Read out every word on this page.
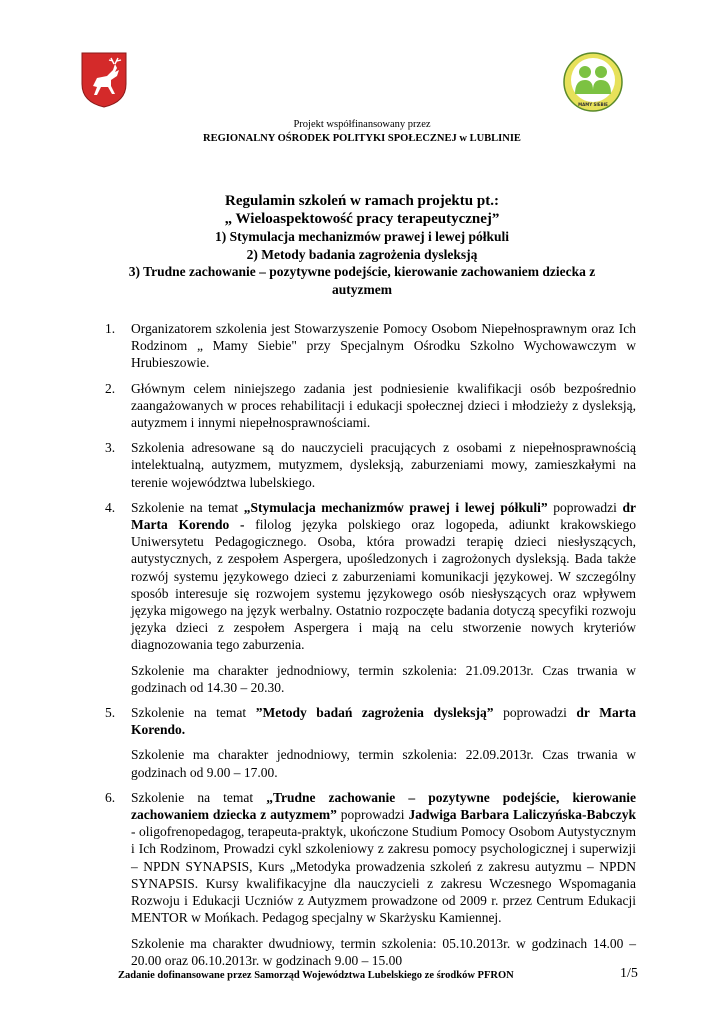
MAMY SIEBIE
Projekt współfinansowany przez
REGIONALNY OŚRODEK POLITYKI SPOŁECZNEJ w LUBLINIE
Regulamin szkoleń w ramach projektu pt.:
„ Wieloaspektowość pracy terapeutycznej”
1) Stymulacja mechanizmów prawej i lewej półkuli
2) Metody badania zagrożenia dysleksją
3) Trudne zachowanie – pozytywne podejście, kierowanie zachowaniem dziecka z autyzmem
1. Organizatorem szkolenia jest Stowarzyszenie Pomocy Osobom Niepełnosprawnym oraz Ich Rodzinom „ Mamy Siebie" przy Specjalnym Ośrodku Szkolno Wychowawczym w Hrubieszowie.

2. Głównym celem niniejszego zadania jest podniesienie kwalifikacji osób bezpośrednio zaangażowanych w proces rehabilitacji i edukacji społecznej dzieci i młodzieży z dysleksją, autyzmem i innymi niepełnosprawnościami.

3. Szkolenia adresowane są do nauczycieli pracujących z osobami z niepełnosprawnością intelektualną, autyzmem, mutyzmem, dysleksją, zaburzeniami mowy, zamieszkałymi na terenie województwa lubelskiego.

4. Szkolenie na temat „Stymulacja mechanizmów prawej i lewej półkuli” poprowadzi dr Marta Korendo - filolog języka polskiego oraz logopeda, adiunkt krakowskiego Uniwersytetu Pedagogicznego. Osoba, która prowadzi terapię dzieci niesłyszących, autystycznych, z zespołem Aspergera, upośledzonych i zagrożonych dysleksją. Bada także rozwój systemu językowego dzieci z zaburzeniami komunikacji językowej. W szczególny sposób interesuje się rozwojem systemu językowego osób niesłyszących oraz wpływem języka migowego na język werbalny. Ostatnio rozpoczęte badania dotyczą specyfiki rozwoju języka dzieci z zespołem Aspergera i mają na celu stworzenie nowych kryteriów diagnozowania tego zaburzenia.

Szkolenie ma charakter jednodniowy, termin szkolenia: 21.09.2013r. Czas trwania w godzinach od 14.30 – 20.30.

5. Szkolenie na temat ”Metody badań zagrożenia dysleksją” poprowadzi dr Marta Korendo.

Szkolenie ma charakter jednodniowy, termin szkolenia: 22.09.2013r. Czas trwania w godzinach od 9.00 – 17.00.

6. Szkolenie na temat „Trudne zachowanie – pozytywne podejście, kierowanie zachowaniem dziecka z autyzmem” poprowadzi Jadwiga Barbara Laliczyńska-Babczyk - oligofrenopedagog, terapeuta-praktyk, ukończone Studium Pomocy Osobom Autystycznym i Ich Rodzinom, Prowadzi cykl szkoleniowy z zakresu pomocy psychologicznej i superwizji – NPDN SYNAPSIS, Kurs „Metodyka prowadzenia szkoleń z zakresu autyzmu – NPDN SYNAPSIS. Kursy kwalifikacyjne dla nauczycieli z zakresu Wczesnego Wspomagania Rozwoju i Edukacji Uczniów z Autyzmem prowadzone od 2009 r. przez Centrum Edukacji MENTOR w Mońkach. Pedagog specjalny w Skarżysku Kamiennej.

Szkolenie ma charakter dwudniowy, termin szkolenia: 05.10.2013r. w godzinach 14.00 – 20.00 oraz 06.10.2013r. w godzinach 9.00 – 15.00

Zadanie dofinansowane przez Samorząd Województwa Lubelskiego ze środków PFRON	1/5
